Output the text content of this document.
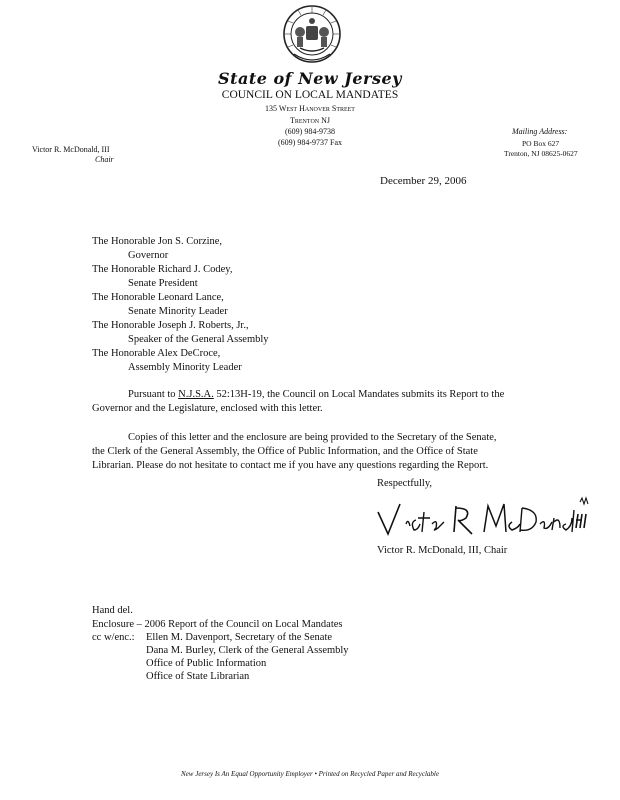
State of New Jersey
COUNCIL ON LOCAL MANDATES
135 West Hanover Street
Trenton NJ
(609) 984-9738
(609) 984-9737 Fax
Victor R. McDonald, III
Chair
Mailing Address:
PO Box 627
Trenton, NJ 08625-0627
December 29, 2006
The Honorable Jon S. Corzine,
Governor
The Honorable Richard J. Codey,
Senate President
The Honorable Leonard Lance,
Senate Minority Leader
The Honorable Joseph J. Roberts, Jr.,
Speaker of the General Assembly
The Honorable Alex DeCroce,
Assembly Minority Leader
Pursuant to N.J.S.A. 52:13H-19, the Council on Local Mandates submits its Report to the
Governor and the Legislature, enclosed with this letter.
Copies of this letter and the enclosure are being provided to the Secretary of the Senate,
the Clerk of the General Assembly, the Office of Public Information, and the Office of State
Librarian. Please do not hesitate to contact me if you have any questions regarding the Report.
Respectfully,
Victor R. McDonald, III, Chair
Hand del.
Enclosure – 2006 Report of the Council on Local Mandates
cc w/enc.: Ellen M. Davenport, Secretary of the Senate
Dana M. Burley, Clerk of the General Assembly
Office of Public Information
Office of State Librarian
New Jersey Is An Equal Opportunity Employer • Printed on Recycled Paper and Recyclable
